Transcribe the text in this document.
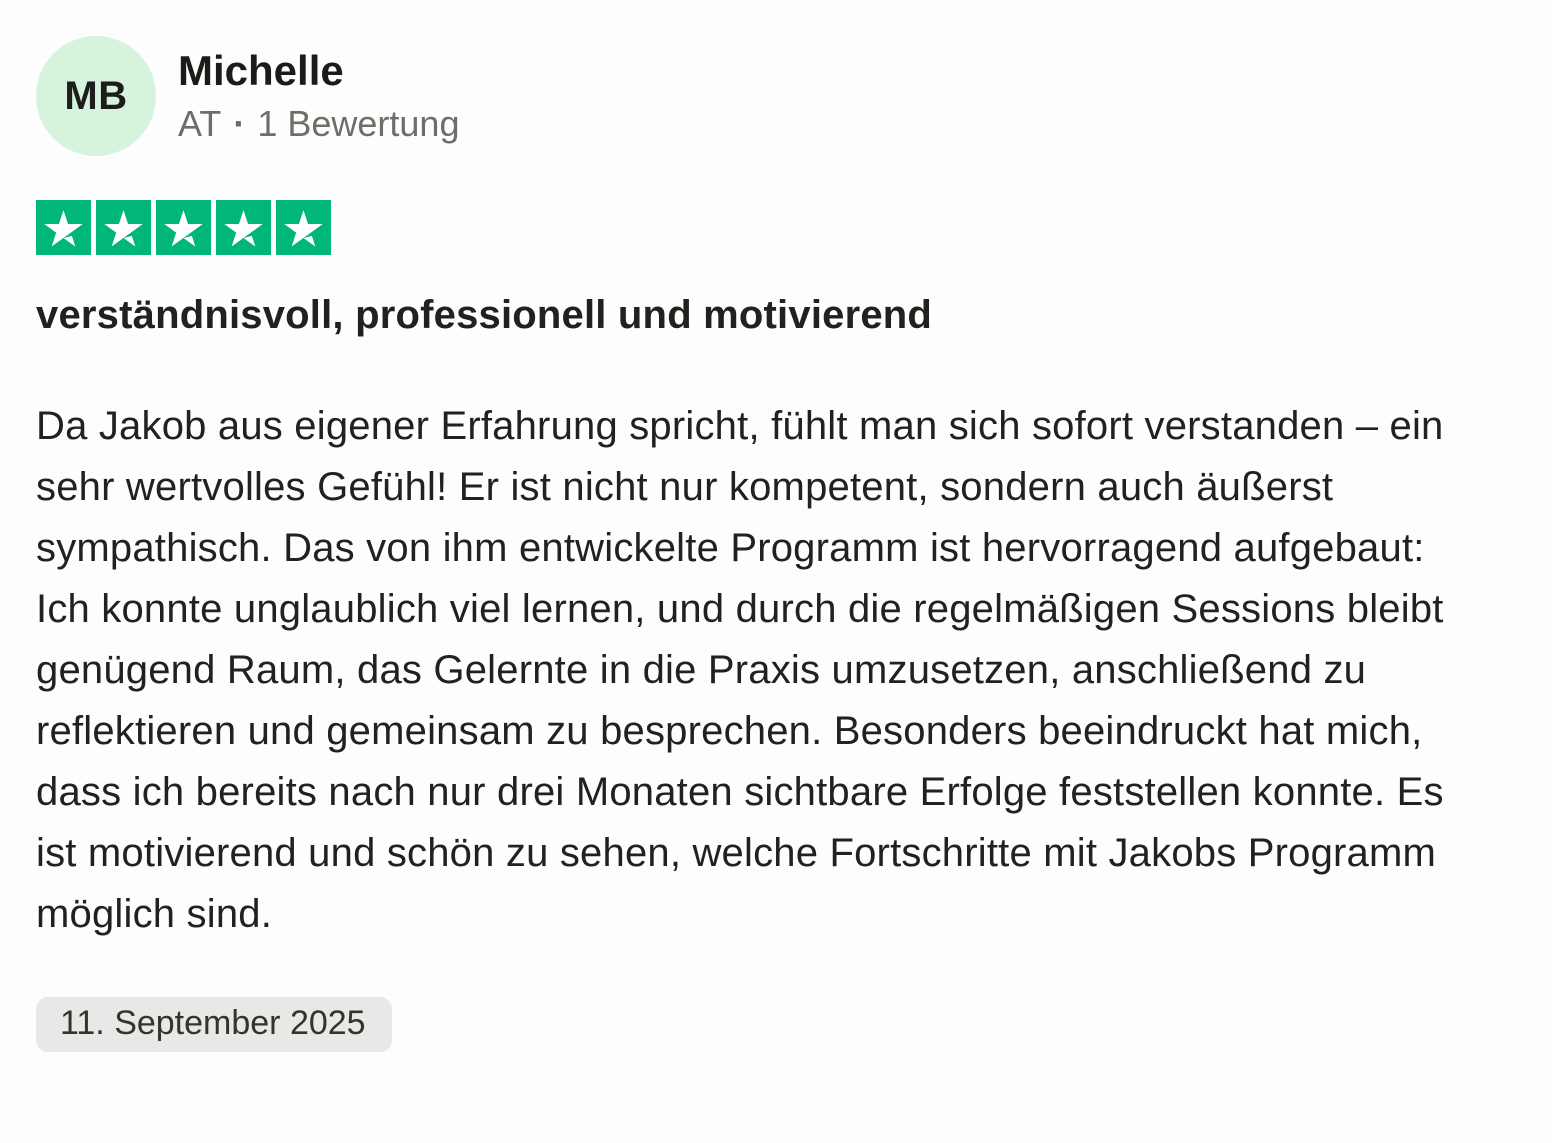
MB
Michelle
AT · 1 Bewertung
verständnisvoll, professionell und motivierend

Da Jakob aus eigener Erfahrung spricht, fühlt man sich sofort verstanden – ein sehr wertvolles Gefühl! Er ist nicht nur kompetent, sondern auch äußerst sympathisch. Das von ihm entwickelte Programm ist hervorragend aufgebaut: Ich konnte unglaublich viel lernen, und durch die regelmäßigen Sessions bleibt genügend Raum, das Gelernte in die Praxis umzusetzen, anschließend zu reflektieren und gemeinsam zu besprechen. Besonders beeindruckt hat mich, dass ich bereits nach nur drei Monaten sichtbare Erfolge feststellen konnte. Es ist motivierend und schön zu sehen, welche Fortschritte mit Jakobs Programm möglich sind.

11. September 2025
